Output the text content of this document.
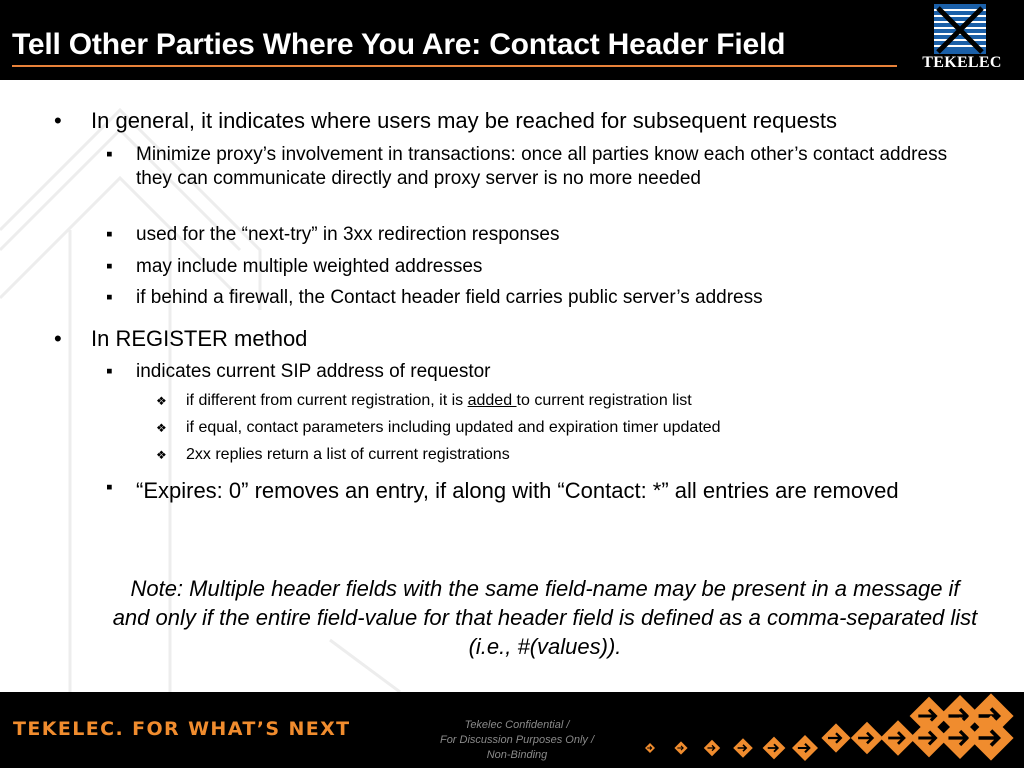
Tell Other Parties Where You Are: Contact Header Field
TEKELEC
• In general, it indicates where users may be reached for subsequent requests
▪ Minimize proxy’s involvement in transactions: once all parties know each other’s contact address they can communicate directly and proxy server is no more needed
▪ used for the “next-try” in 3xx redirection responses
▪ may include multiple weighted addresses
▪ if behind a firewall, the Contact header field carries public server’s address
• In REGISTER method
▪ indicates current SIP address of requestor
❖ if different from current registration, it is added to current registration list
❖ if equal, contact parameters including updated and expiration timer updated
❖ 2xx replies return a list of current registrations
▪ “Expires: 0” removes an entry, if along with “Contact: *” all entries are removed
Note: Multiple header fields with the same field-name may be present in a message if and only if the entire field-value for that header field is defined as a comma-separated list (i.e., #(values)).
TEKELEC. FOR WHAT’S NEXT	Tekelec Confidential /
For Discussion Purposes Only /
Non-Binding
